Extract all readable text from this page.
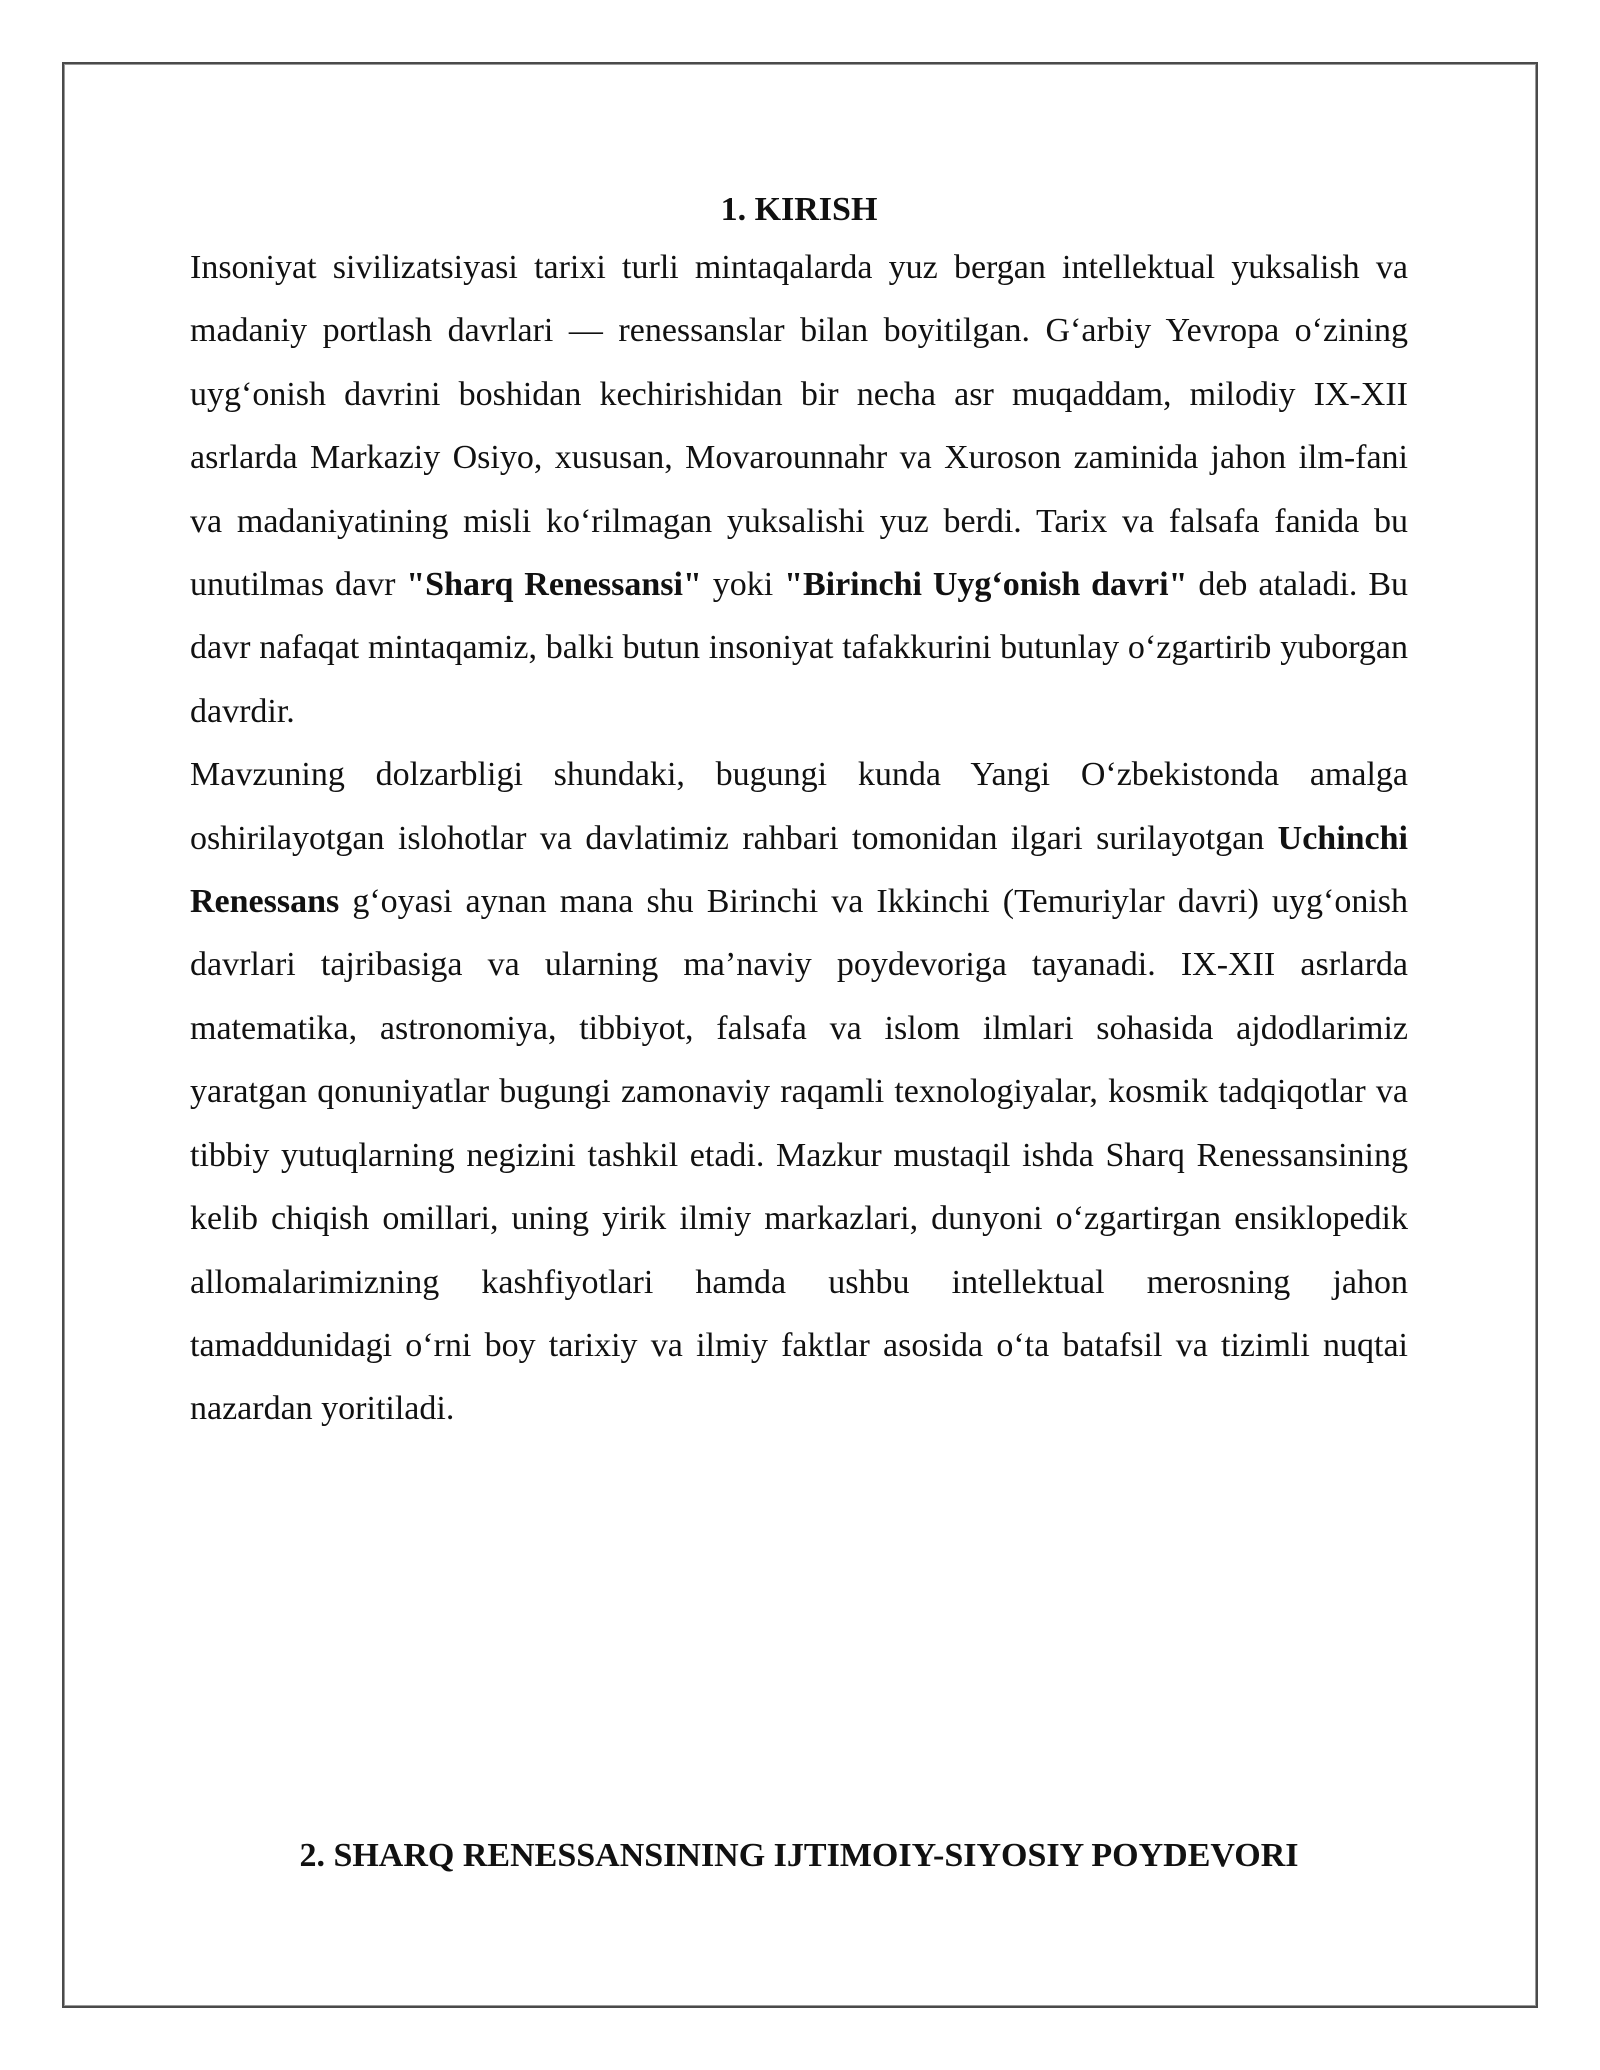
1. KIRISH

Insoniyat sivilizatsiyasi tarixi turli mintaqalarda yuz bergan intellektual yuksalish va madaniy portlash davrlari — renessanslar bilan boyitilgan. G‘arbiy Yevropa o‘zining uyg‘onish davrini boshidan kechirishidan bir necha asr muqaddam, milodiy IX-XII asrlarda Markaziy Osiyo, xususan, Movarounnahr va Xuroson zaminida jahon ilm-fani va madaniyatining misli ko‘rilmagan yuksalishi yuz berdi. Tarix va falsafa fanida bu unutilmas davr "Sharq Renessansi" yoki "Birinchi Uyg‘onish davri" deb ataladi. Bu davr nafaqat mintaqamiz, balki butun insoniyat tafakkurini butunlay o‘zgartirib yuborgan davrdir.

Mavzuning dolzarbligi shundaki, bugungi kunda Yangi O‘zbekistonda amalga oshirilayotgan islohotlar va davlatimiz rahbari tomonidan ilgari surilayotgan Uchinchi Renessans g‘oyasi aynan mana shu Birinchi va Ikkinchi (Temuriylar davri) uyg‘onish davrlari tajribasiga va ularning ma’naviy poydevoriga tayanadi. IX-XII asrlarda matematika, astronomiya, tibbiyot, falsafa va islom ilmlari sohasida ajdodlarimiz yaratgan qonuniyatlar bugungi zamonaviy raqamli texnologiyalar, kosmik tadqiqotlar va tibbiy yutuqlarning negizini tashkil etadi. Mazkur mustaqil ishda Sharq Renessansining kelib chiqish omillari, uning yirik ilmiy markazlari, dunyoni o‘zgartirgan ensiklopedik allomalarimizning kashfiyotlari hamda ushbu intellektual merosning jahon tamaddunidagi o‘rni boy tarixiy va ilmiy faktlar asosida o‘ta batafsil va tizimli nuqtai nazardan yoritiladi.

2. SHARQ RENESSANSINING IJTIMOIY-SIYOSIY POYDEVORI
